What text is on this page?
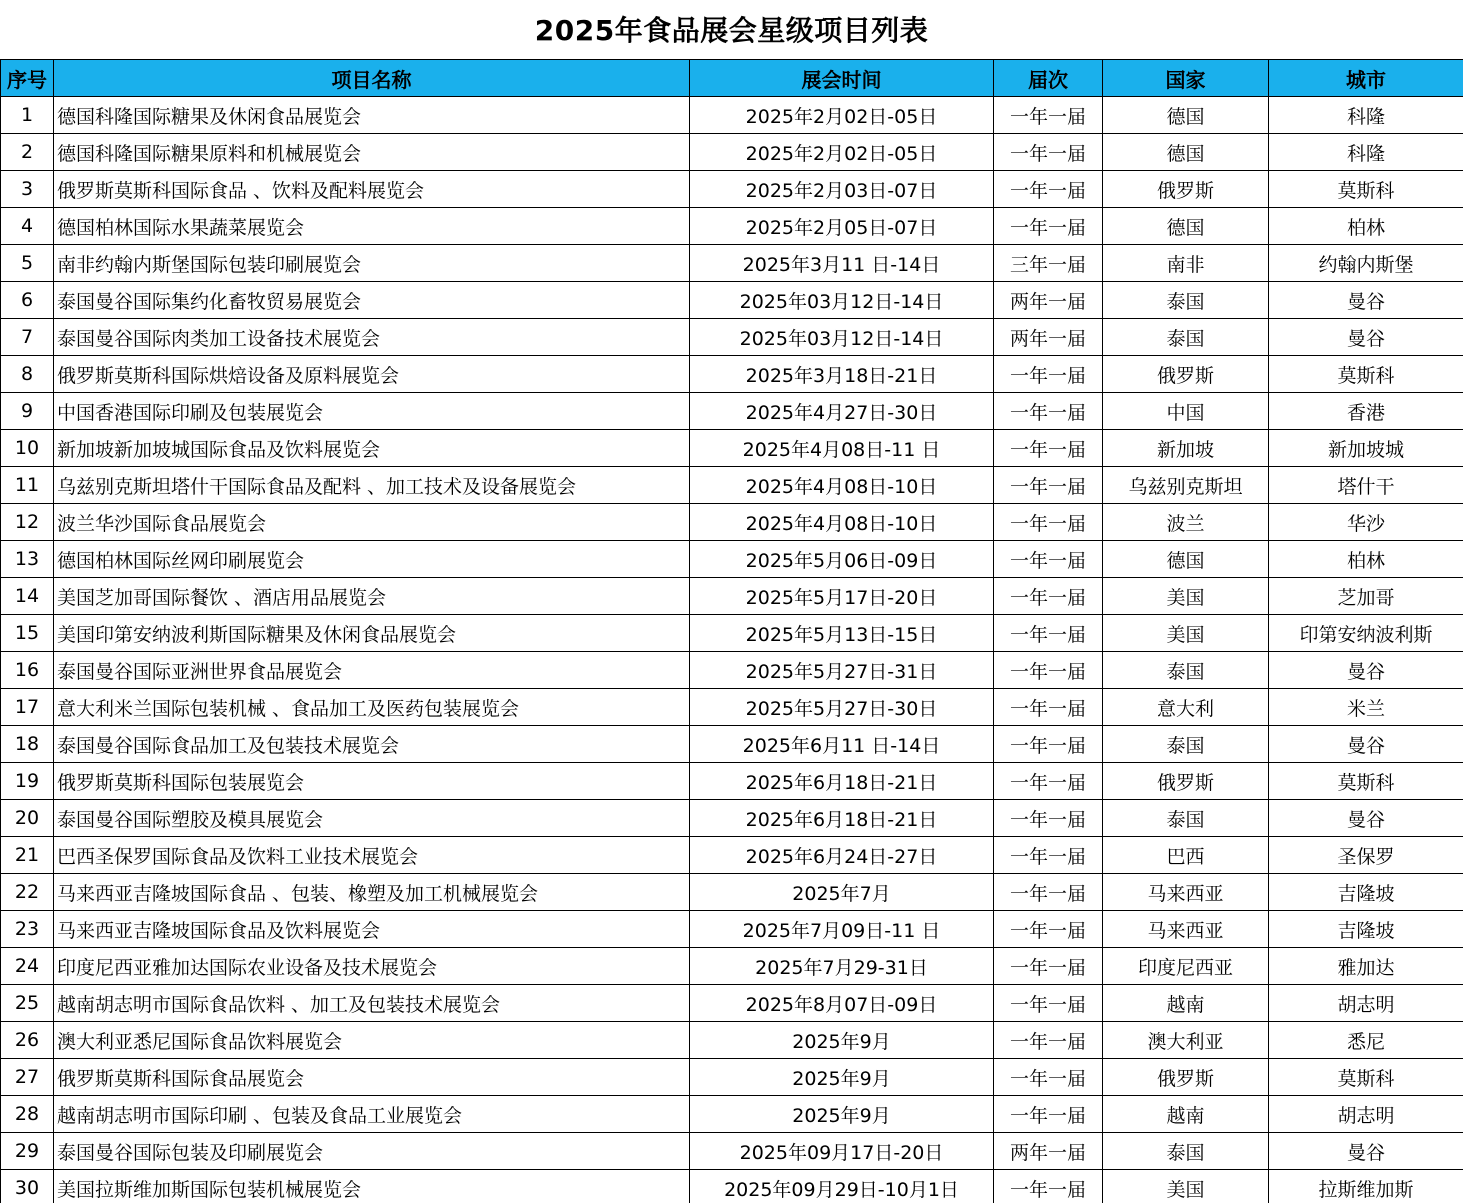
2025年食品展会星级项目列表
序号	项目名称	展会时间	届次	国家	城市
1	德国科隆国际糖果及休闲食品展览会	2025年2月02日-05日	一年一届	德国	科隆
2	德国科隆国际糖果原料和机械展览会	2025年2月02日-05日	一年一届	德国	科隆
3	俄罗斯莫斯科国际食品 、饮料及配料展览会	2025年2月03日-07日	一年一届	俄罗斯	莫斯科
4	德国柏林国际水果蔬菜展览会	2025年2月05日-07日	一年一届	德国	柏林
5	南非约翰内斯堡国际包装印刷展览会	2025年3月11 日-14日	三年一届	南非	约翰内斯堡
6	泰国曼谷国际集约化畜牧贸易展览会	2025年03月12日-14日	两年一届	泰国	曼谷
7	泰国曼谷国际肉类加工设备技术展览会	2025年03月12日-14日	两年一届	泰国	曼谷
8	俄罗斯莫斯科国际烘焙设备及原料展览会	2025年3月18日-21日	一年一届	俄罗斯	莫斯科
9	中国香港国际印刷及包装展览会	2025年4月27日-30日	一年一届	中国	香港
10	新加坡新加坡城国际食品及饮料展览会	2025年4月08日-11 日	一年一届	新加坡	新加坡城
11	乌兹别克斯坦塔什干国际食品及配料 、加工技术及设备展览会	2025年4月08日-10日	一年一届	乌兹别克斯坦	塔什干
12	波兰华沙国际食品展览会	2025年4月08日-10日	一年一届	波兰	华沙
13	德国柏林国际丝网印刷展览会	2025年5月06日-09日	一年一届	德国	柏林
14	美国芝加哥国际餐饮 、酒店用品展览会	2025年5月17日-20日	一年一届	美国	芝加哥
15	美国印第安纳波利斯国际糖果及休闲食品展览会	2025年5月13日-15日	一年一届	美国	印第安纳波利斯
16	泰国曼谷国际亚洲世界食品展览会	2025年5月27日-31日	一年一届	泰国	曼谷
17	意大利米兰国际包装机械 、食品加工及医药包装展览会	2025年5月27日-30日	一年一届	意大利	米兰
18	泰国曼谷国际食品加工及包装技术展览会	2025年6月11 日-14日	一年一届	泰国	曼谷
19	俄罗斯莫斯科国际包装展览会	2025年6月18日-21日	一年一届	俄罗斯	莫斯科
20	泰国曼谷国际塑胶及模具展览会	2025年6月18日-21日	一年一届	泰国	曼谷
21	巴西圣保罗国际食品及饮料工业技术展览会	2025年6月24日-27日	一年一届	巴西	圣保罗
22	马来西亚吉隆坡国际食品 、包装、橡塑及加工机械展览会	2025年7月	一年一届	马来西亚	吉隆坡
23	马来西亚吉隆坡国际食品及饮料展览会	2025年7月09日-11 日	一年一届	马来西亚	吉隆坡
24	印度尼西亚雅加达国际农业设备及技术展览会	2025年7月29-31日	一年一届	印度尼西亚	雅加达
25	越南胡志明市国际食品饮料 、加工及包装技术展览会	2025年8月07日-09日	一年一届	越南	胡志明
26	澳大利亚悉尼国际食品饮料展览会	2025年9月	一年一届	澳大利亚	悉尼
27	俄罗斯莫斯科国际食品展览会	2025年9月	一年一届	俄罗斯	莫斯科
28	越南胡志明市国际印刷 、包装及食品工业展览会	2025年9月	一年一届	越南	胡志明
29	泰国曼谷国际包装及印刷展览会	2025年09月17日-20日	两年一届	泰国	曼谷
30	美国拉斯维加斯国际包装机械展览会	2025年09月29日-10月1日	一年一届	美国	拉斯维加斯
